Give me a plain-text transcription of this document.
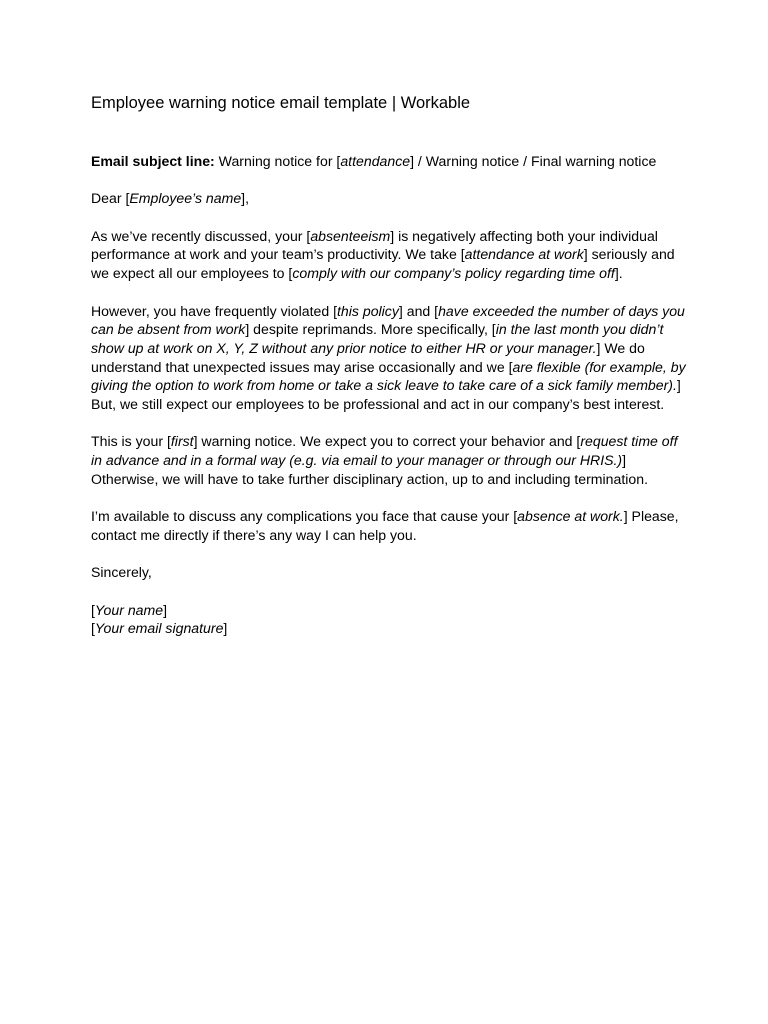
Employee warning notice email template | Workable

Email subject line: Warning notice for [attendance] / Warning notice / Final warning notice

Dear [Employee’s name],

As we’ve recently discussed, your [absenteeism] is negatively affecting both your individual
performance at work and your team’s productivity. We take [attendance at work] seriously and
we expect all our employees to [comply with our company’s policy regarding time off].

However, you have frequently violated [this policy] and [have exceeded the number of days you
can be absent from work] despite reprimands. More specifically, [in the last month you didn’t
show up at work on X, Y, Z without any prior notice to either HR or your manager.] We do
understand that unexpected issues may arise occasionally and we [are flexible (for example, by
giving the option to work from home or take a sick leave to take care of a sick family member).]
But, we still expect our employees to be professional and act in our company’s best interest.

This is your [first] warning notice. We expect you to correct your behavior and [request time off
in advance and in a formal way (e.g. via email to your manager or through our HRIS.)]
Otherwise, we will have to take further disciplinary action, up to and including termination.

I’m available to discuss any complications you face that cause your [absence at work.] Please,
contact me directly if there’s any way I can help you.

Sincerely,

[Your name]
[Your email signature]
